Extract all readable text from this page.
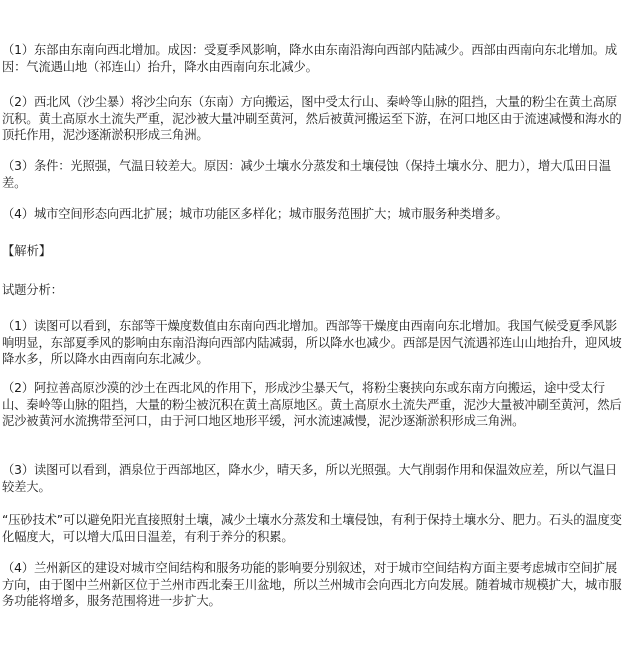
（1）东部由东南向西北增加。成因：受夏季风影响，降水由东南沿海向西部内陆减少。西部由西南向东北增加。成因：气流遇山地（祁连山）抬升，降水由西南向东北减少。

（2）西北风（沙尘暴）将沙尘向东（东南）方向搬运，图中受太行山、秦岭等山脉的阻挡，大量的粉尘在黄土高原沉积。黄土高原水土流失严重，泥沙被大量冲刷至黄河，然后被黄河搬运至下游，在河口地区由于流速减慢和海水的顶托作用，泥沙逐渐淤积形成三角洲。

（3）条件：光照强，气温日较差大。原因：减少土壤水分蒸发和土壤侵蚀（保持土壤水分、肥力），增大瓜田日温差。

（4）城市空间形态向西北扩展；城市功能区多样化；城市服务范围扩大；城市服务种类增多。

【解析】

试题分析：

（1）读图可以看到，东部等干燥度数值由东南向西北增加。西部等干燥度由西南向东北增加。我国气候受夏季风影响明显，东部夏季风的影响由东南沿海向西部内陆减弱，所以降水也减少。西部是因气流遇祁连山山地抬升，迎风坡降水多，所以降水由西南向东北减少。

（2）阿拉善高原沙漠的沙土在西北风的作用下，形成沙尘暴天气，将粉尘裹挟向东或东南方向搬运，途中受太行山、秦岭等山脉的阻挡，大量的粉尘被沉积在黄土高原地区。黄土高原水土流失严重，泥沙大量被冲刷至黄河，然后泥沙被黄河水流携带至河口，由于河口地区地形平缓，河水流速减慢，泥沙逐渐淤积形成三角洲。

（3）读图可以看到，酒泉位于西部地区，降水少，晴天多，所以光照强。大气削弱作用和保温效应差，所以气温日较差大。

“压砂技术”可以避免阳光直接照射土壤，减少土壤水分蒸发和土壤侵蚀，有利于保持土壤水分、肥力。石头的温度变化幅度大，可以增大瓜田日温差，有利于养分的积累。

（4）兰州新区的建设对城市空间结构和服务功能的影响要分别叙述，对于城市空间结构方面主要考虑城市空间扩展方向，由于图中兰州新区位于兰州市西北秦王川盆地，所以兰州城市会向西北方向发展。随着城市规模扩大，城市服务功能将增多，服务范围将进一步扩大。
